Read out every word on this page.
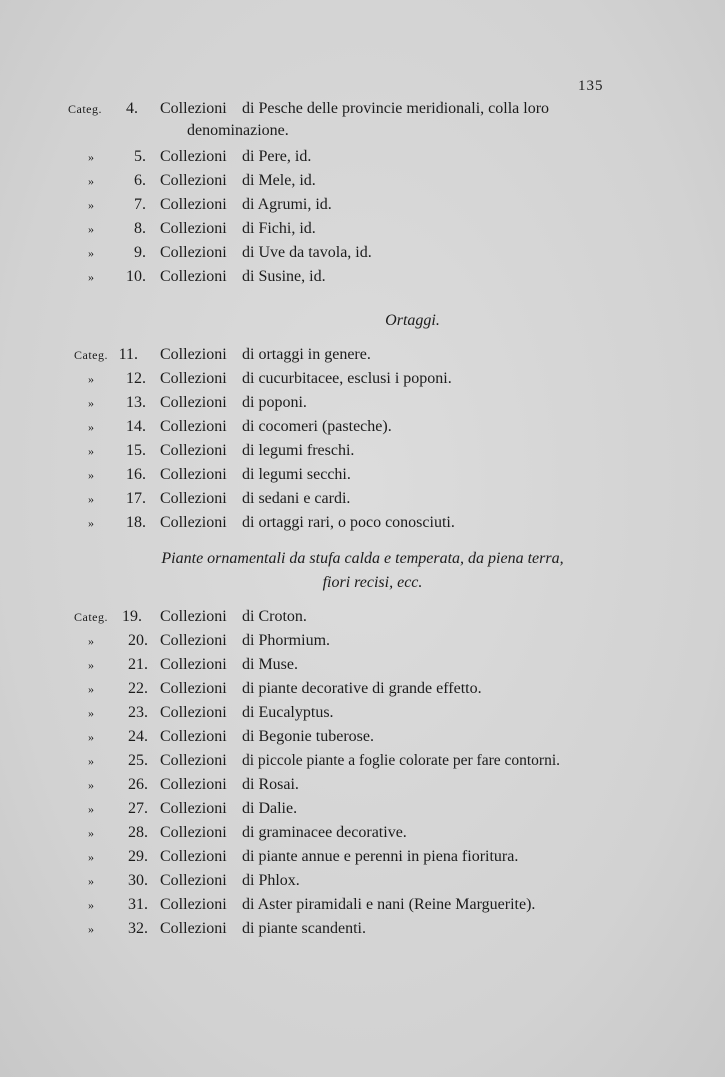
135
Categ.	4. Collezioni di Pesche delle provincie meridionali, colla loro
denominazione.
»	5. Collezioni di Pere, id.
»	6. Collezioni di Mele, id.
»	7. Collezioni di Agrumi, id.
»	8. Collezioni di Fichi, id.
»	9. Collezioni di Uve da tavola, id.
»	10. Collezioni di Susine, id.
Ortaggi.
Categ. 11. Collezioni di ortaggi in genere.
»	12. Collezioni di cucurbitacee, esclusi i poponi.
»	13. Collezioni di poponi.
»	14. Collezioni di cocomeri (pasteche).
»	15. Collezioni di legumi freschi.
»	16. Collezioni di legumi secchi.
»	17. Collezioni di sedani e cardi.
»	18. Collezioni di ortaggi rari, o poco conosciuti.
Piante ornamentali da stufa calda e temperata, da piena terra,
fiori recisi, ecc.
Categ. 19. Collezioni di Croton.
»	20. Collezioni di Phormium.
»	21. Collezioni di Muse.
»	22. Collezioni di piante decorative di grande effetto.
»	23. Collezioni di Eucalyptus.
»	24. Collezioni di Begonie tuberose.
»	25. Collezioni di piccole piante a foglie colorate per fare contorni.
»	26. Collezioni di Rosai.
»	27. Collezioni di Dalie.
»	28. Collezioni di graminacee decorative.
»	29. Collezioni di piante annue e perenni in piena fioritura.
»	30. Collezioni di Phlox.
»	31. Collezioni di Aster piramidali e nani (Reine Marguerite).
»	32. Collezioni di piante scandenti.
